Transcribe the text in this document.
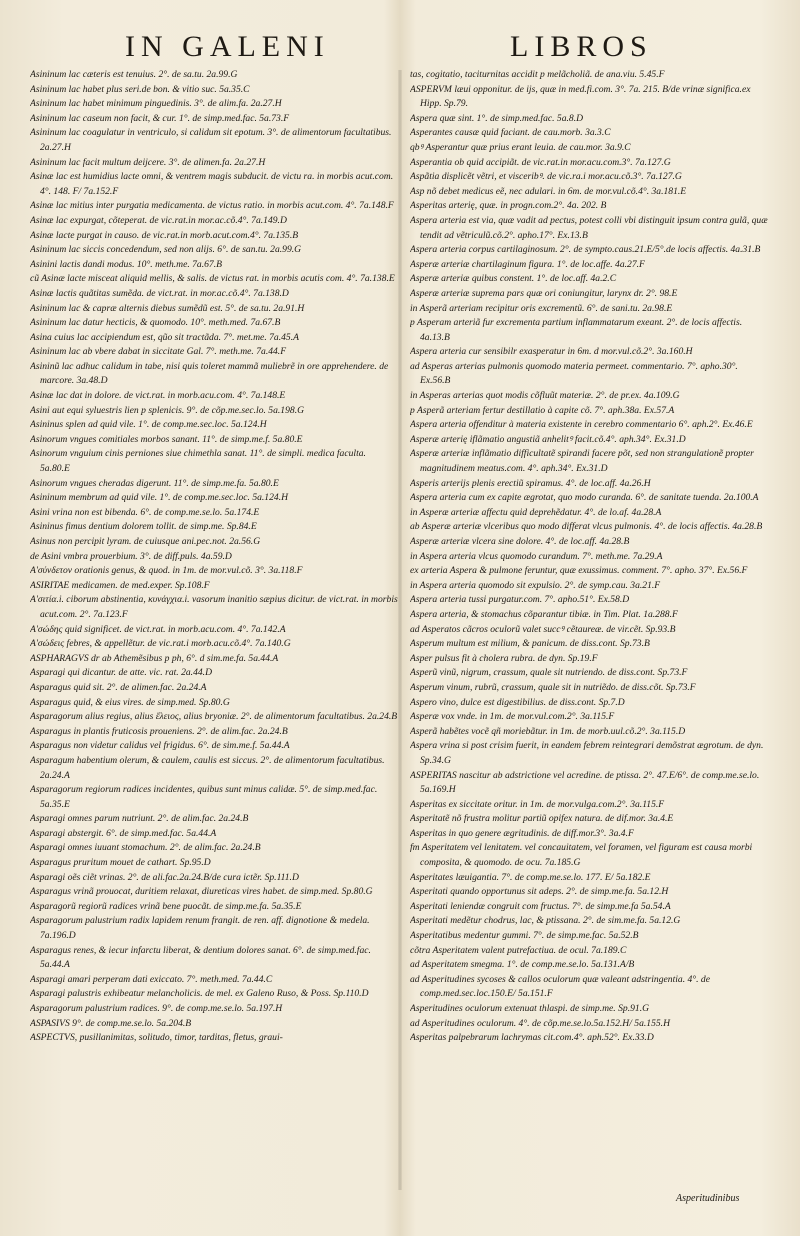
IN GALENI	LIBROS

Asininum lac cæteris est tenuius. 2°. de sa.tu. 2a.99.G

Asininum lac habet plus seri.de bon. & vitio suc. 5a.35.C

Asininum lac habet minimum pinguedinis. 3°. de alim.fa. 2a.27.H

Asininum lac caseum non facit, & cur. 1°. de simp.med.fac. 5a.73.F

Asininum lac coagulatur in ventriculo, si calidum sit epotum. 3°. de alimentorum facultatibus. 2a.27.H

Asininum lac facit multum deijcere. 3°. de alimen.fa. 2a.27.H

Asinæ lac est humidius lacte omni, & ventrem magis subducit. de victu ra. in morbis acut.com. 4°. 148. F/ 7a.152.F

Asinæ lac mitius inter purgatia medicamenta. de victus ratio. in morbis acut.com. 4°. 7a.148.F

Asinæ lac expurgat, cõteperat. de vic.rat.in mor.ac.cõ.4°. 7a.149.D

Asinæ lacte purgat in causo. de vic.rat.in morb.acut.com.4°. 7a.135.B

Asininum lac siccis concedendum, sed non alijs. 6°. de san.tu. 2a.99.G

Asinini lactis dandi modus. 10°. meth.me. 7a.67.B

cũ Asinæ lacte misceat aliquid mellis, & salis. de victus rat. in morbis acutis com. 4°. 7a.138.E

Asinæ lactis quãtitas sumẽda. de vict.rat. in mor.ac.cõ.4°. 7a.138.D

Asininum lac & capræ alternis diebus sumẽdũ est. 5°. de sa.tu. 2a.91.H

Asininum lac datur hecticis, & quomodo. 10°. meth.med. 7a.67.B

Asina cuius lac accipiendum est, qũo sit tractãda. 7°. met.me. 7a.45.A

Asininum lac ab vbere dabat in siccitate Gal. 7°. meth.me. 7a.44.F

Asininũ lac adhuc calidum in tabe, nisi quis toleret mammã muliebrẽ in ore apprehendere. de marcore. 3a.48.D

Asinæ lac dat in dolore. de vict.rat. in morb.acu.com. 4°. 7a.148.E

Asini aut equi syluestris lien p splenicis. 9°. de cõp.me.sec.lo. 5a.198.G

Asininus splen ad quid vile. 1°. de comp.me.sec.loc. 5a.124.H

Asinorum vngues comitiales morbos sanant. 11°. de simp.me.f. 5a.80.E

Asinorum vnguium cinis perniones siue chimethla sanat. 11°. de simpli. medica faculta. 5a.80.E

Asinorum vngues cheradas digerunt. 11°. de simp.me.fa. 5a.80.E

Asininum membrum ad quid vile. 1°. de comp.me.sec.loc. 5a.124.H

Asini vrina non est bibenda. 6°. de comp.me.se.lo. 5a.174.E

Asininus fimus dentium dolorem tollit. de simp.me. Sp.84.E

Asinus non percipit lyram. de cuiusque ani.pec.not. 2a.56.G

de Asini vmbra prouerbium. 3°. de diff.puls. 4a.59.D

A'σύνδετον orationis genus, & quod. in 1m. de mor.vul.cõ. 3°. 3a.118.F

ASIRITAE medicamen. de med.exper. Sp.108.F

A'σιτία.i. ciborum abstinentia, κυνάγχια.i. vasorum inanitio sæpius dicitur. de vict.rat. in morbis acut.com. 2°. 7a.123.F

A'σώδης quid significet. de vict.rat. in morb.acu.com. 4°. 7a.142.A

A'σώδεις febres, & appellẽtur. de vic.rat.i morb.acu.cõ.4°. 7a.140.G

ASPHARAGVS dr ab Athemẽsibus p ph, 6°. d sim.me.fa. 5a.44.A

Asparagi qui dicantur. de atte. vic. rat. 2a.44.D

Asparagus quid sit. 2°. de alimen.fac. 2a.24.A

Asparagus quid, & eius vires. de simp.med. Sp.80.G

Asparagorum alius regius, alius ἕλειος, alius bryoniæ. 2°. de alimentorum facultatibus. 2a.24.B

Asparagus in plantis fruticosis proueniens. 2°. de alim.fac. 2a.24.B

Asparagus non videtur calidus vel frigidus. 6°. de sim.me.f. 5a.44.A

Asparagum habentium olerum, & caulem, caulis est siccus. 2°. de alimentorum facultatibus. 2a.24.A

Asparagorum regiorum radices incidentes, quibus sunt minus calidæ. 5°. de simp.med.fac. 5a.35.E

Asparagi omnes parum nutriunt. 2°. de alim.fac. 2a.24.B

Asparagi abstergit. 6°. de simp.med.fac. 5a.44.A

Asparagi omnes iuuant stomachum. 2°. de alim.fac. 2a.24.B

Asparagus pruritum mouet de cathart. Sp.95.D

Asparagi oẽs ciẽt vrinas. 2°. de ali.fac.2a.24.B/de cura ictẽr. Sp.111.D

Asparagus vrinã prouocat, duritiem relaxat, diureticas vires habet. de simp.med. Sp.80.G

Asparagorũ regiorũ radices vrinã bene puocãt. de simp.me.fa. 5a.35.E

Asparagorum palustrium radix lapidem renum frangit. de ren. aff. dignotione & medela. 7a.196.D

Asparagus renes, & iecur infarctu liberat, & dentium dolores sanat. 6°. de simp.med.fac. 5a.44.A

Asparagi amari perperam dati exiccato. 7°. meth.med. 7a.44.C

Asparagi palustris exhibeatur melancholicis. de mel. ex Galeno Ruso, & Poss. Sp.110.D

Asparagorum palustrium radices. 9°. de comp.me.se.lo. 5a.197.H

ASPASIVS 9°. de comp.me.se.lo. 5a.204.B

ASPECTVS, pusillanimitas, solitudo, timor, tarditas, fletus, graui-

tas, cogitatio, taciturnitas accidit p melãcholiã. de ana.viu. 5.45.F

ASPERVM læui opponitur. de ijs, quæ in med.fi.com. 3°. 7a. 215. B/de vrinæ significa.ex Hipp. Sp.79.

Aspera quæ sint. 1°. de simp.med.fac. 5a.8.D

Asperantes causæ quid faciant. de cau.morb. 3a.3.C

qbꝰ Asperantur quæ prius erant leuia. de cau.mor. 3a.9.C

Asperantia ob quid accipiãt. de vic.rat.in mor.acu.com.3°. 7a.127.G

Aspãtia displicẽt vẽtri, et visceribꝰ. de vic.ra.i mor.acu.cõ.3°. 7a.127.G

Asp nõ debet medicus eẽ, nec adulari. in 6m. de mor.vul.cõ.4°. 3a.181.E

Asperitas arterię, quæ. in progn.com.2°. 4a. 202. B

Aspera arteria est via, quæ vadit ad pectus, potest colli vbi distinguit ipsum contra gulã, quæ tendit ad vẽtriculũ.cõ.2°. apho.17°. Ex.13.B

Aspera arteria corpus cartilaginosum. 2°. de sympto.caus.21.E/5°.de locis affectis. 4a.31.B

Asperæ arteriæ chartilaginum figura. 1°. de loc.affe. 4a.27.F

Asperæ arteriæ quibus constent. 1°. de loc.aff. 4a.2.C

Asperæ arteriæ suprema pars quæ ori coniungitur, larynx dr. 2°. 98.E

in Asperã arteriam recipitur oris excrementũ. 6°. de sani.tu. 2a.98.E

p Asperam arteriã fur excrementa partium inflammatarum exeant. 2°. de locis affectis. 4a.13.B

Aspera arteria cur sensibilr exasperatur in 6m. d mor.vul.cõ.2°. 3a.160.H

ad Asperas arterias pulmonis quomodo materia permeet. commentario. 7°. apho.30°. Ex.56.B

in Asperas arterias quot modis cõfluũt materiæ. 2°. de pr.ex. 4a.109.G

p Asperã arteriam fertur destillatio à capite cõ. 7°. aph.38a. Ex.57.A

Aspera arteria offenditur à materia existente in cerebro commentario 6°. aph.2°. Ex.46.E

Asperæ arterię iflãmatio angustiã anhelitꝰ facit.cõ.4°. aph.34°. Ex.31.D

Asperæ arteriæ inflãmatio difficultatẽ spirandi facere põt, sed non strangulationẽ propter magnitudinem meatus.com. 4°. aph.34°. Ex.31.D

Asperis arterijs plenis erectiũ spiramus. 4°. de loc.aff. 4a.26.H

Aspera arteria cum ex capite ægrotat, quo modo curanda. 6°. de sanitate tuenda. 2a.100.A

in Asperæ arteriæ affectu quid deprehẽdatur. 4°. de lo.af. 4a.28.A

ab Asperæ arteriæ vlceribus quo modo differat vlcus pulmonis. 4°. de locis affectis. 4a.28.B

Asperæ arteriæ vlcera sine dolore. 4°. de loc.aff. 4a.28.B

in Aspera arteria vlcus quomodo curandum. 7°. meth.me. 7a.29.A

ex arteria Aspera & pulmone feruntur, quæ exussimus. comment. 7°. apho. 37°. Ex.56.F

in Aspera arteria quomodo sit expulsio. 2°. de symp.cau. 3a.21.F

Aspera arteria tussi purgatur.com. 7°. apho.51°. Ex.58.D

Aspera arteria, & stomachus cõparantur tibiæ. in Tim. Plat. 1a.288.F

ad Asperatos cãcros oculorũ valet succꝰ cẽtaureæ. de vir.cẽt. Sp.93.B

Asperum multum est milium, & panicum. de diss.cont. Sp.73.B

Asper pulsus fit à cholera rubra. de dyn. Sp.19.F

Asperũ vinũ, nigrum, crassum, quale sit nutriendo. de diss.cont. Sp.73.F

Asperum vinum, rubrũ, crassum, quale sit in nutriẽdo. de diss.cõt. Sp.73.F

Aspero vino, dulce est digestibilius. de diss.cont. Sp.7.D

Asperæ vox vnde. in 1m. de mor.vul.com.2°. 3a.115.F

Asperã habẽtes vocẽ qñ moriebãtur. in 1m. de morb.uul.cõ.2°. 3a.115.D

Aspera vrina si post crisim fuerit, in eandem febrem reintegrari demõstrat ægrotum. de dyn. Sp.34.G

ASPERITAS nascitur ab adstrictione vel acredine. de ptissa. 2°. 47.E/6°. de comp.me.se.lo. 5a.169.H

Asperitas ex siccitate oritur. in 1m. de mor.vulga.com.2°. 3a.115.F

Asperitatẽ nõ frustra molitur partiũ opifex natura. de dif.mor. 3a.4.E

Asperitas in quo genere ægritudinis. de diff.mor.3°. 3a.4.F

fm Asperitatem vel lenitatem. vel concauitatem, vel foramen, vel figuram est causa morbi composita, & quomodo. de ocu. 7a.185.G

Asperitates læuigantia. 7°. de comp.me.se.lo. 177. E/ 5a.182.E

Asperitati quando opportunus sit adeps. 2°. de simp.me.fa. 5a.12.H

Asperitati leniendæ congruit com fructus. 7°. de simp.me.fa 5a.54.A

Asperitati medẽtur chodrus, lac, & ptissana. 2°. de sim.me.fa. 5a.12.G

Asperitatibus medentur gummi. 7°. de simp.me.fac. 5a.52.B

cõtra Asperitatem valent putrefactiua. de ocul. 7a.189.C

ad Asperitatem smegma. 1°. de comp.me.se.lo. 5a.131.A/B

ad Asperitudines sycoses & callos oculorum quæ valeant adstringentia. 4°. de comp.med.sec.loc.150.E/ 5a.151.F

Asperitudines oculorum extenuat thlaspi. de simp.me. Sp.91.G

ad Asperitudines oculorum. 4°. de cõp.me.se.lo.5a.152.H/ 5a.155.H

Asperitas palpebrarum lachrymas cit.com.4°. aph.52°. Ex.33.D

Asperitudinibus
